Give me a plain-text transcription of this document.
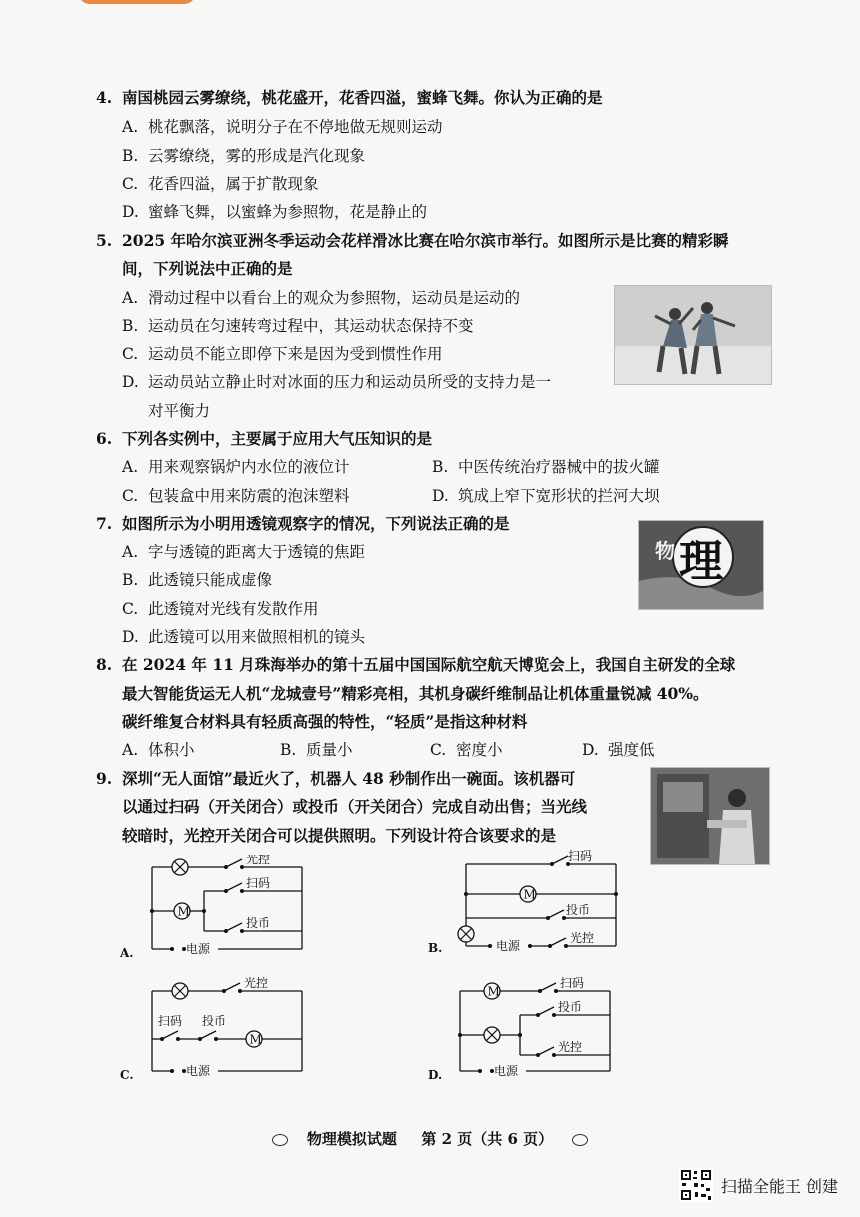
4. 南国桃园云雾缭绕，桃花盛开，花香四溢，蜜蜂飞舞。你认为正确的是
A. 桃花飘落，说明分子在不停地做无规则运动
B. 云雾缭绕，雾的形成是汽化现象
C. 花香四溢，属于扩散现象
D. 蜜蜂飞舞，以蜜蜂为参照物，花是静止的
5. 2025 年哈尔滨亚洲冬季运动会花样滑冰比赛在哈尔滨市举行。如图所示是比赛的精彩瞬
间，下列说法中正确的是
A. 滑动过程中以看台上的观众为参照物，运动员是运动的
B. 运动员在匀速转弯过程中，其运动状态保持不变
C. 运动员不能立即停下来是因为受到惯性作用
D. 运动员站立静止时对冰面的压力和运动员所受的支持力是一
对平衡力
6. 下列各实例中，主要属于应用大气压知识的是
A. 用来观察锅炉内水位的液位计	B. 中医传统治疗器械中的拔火罐
C. 包装盒中用来防震的泡沫塑料	D. 筑成上窄下宽形状的拦河大坝
7. 如图所示为小明用透镜观察字的情况，下列说法正确的是
A. 字与透镜的距离大于透镜的焦距
B. 此透镜只能成虚像
C. 此透镜对光线有发散作用
D. 此透镜可以用来做照相机的镜头
物 理
8. 在 2024 年 11 月珠海举办的第十五届中国国际航空航天博览会上，我国自主研发的全球
最大智能货运无人机“龙城壹号”精彩亮相，其机身碳纤维制品让机体重量锐减 40%。
碳纤维复合材料具有轻质高强的特性，“轻质”是指这种材料
A. 体积小	B. 质量小	C. 密度小	D. 强度低
9. 深圳“无人面馆”最近火了，机器人 48 秒制作出一碗面。该机器可
以通过扫码（开关闭合）或投币（开关闭合）完成自动出售；当光线
较暗时，光控开关闭合可以提供照明。下列设计符合该要求的是
M
光控
扫码
投币
电源
A.
M
扫码
投币
电源
光控
B.
M
光控
扫码 投币
电源
C.
M
扫码
投币
光控
电源
D.
物理模拟试题 第 2 页（共 6 页）
扫描全能王 创建
